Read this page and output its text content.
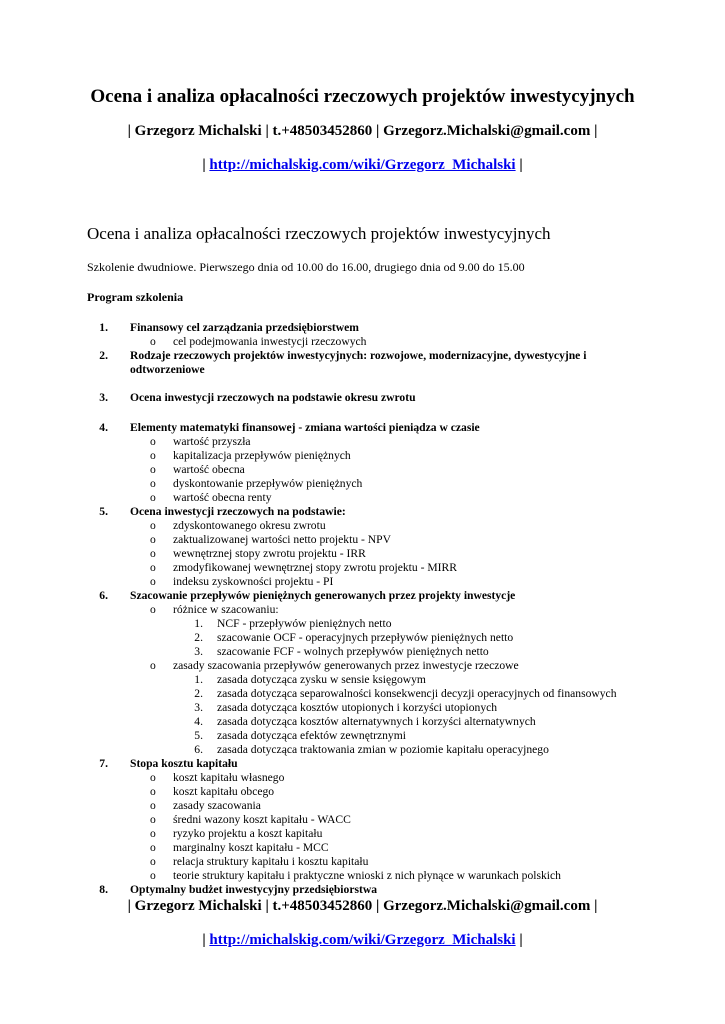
Ocena i analiza opłacalności rzeczowych projektów inwestycyjnych
| Grzegorz Michalski | t.+48503452860 | Grzegorz.Michalski@gmail.com |
| http://michalskig.com/wiki/Grzegorz_Michalski |
Ocena i analiza opłacalności rzeczowych projektów inwestycyjnych
Szkolenie dwudniowe. Pierwszego dnia od 10.00 do 16.00, drugiego dnia od 9.00 do 15.00
Program szkolenia
1. Finansowy cel zarządzania przedsiębiorstwem
o cel podejmowania inwestycji rzeczowych
2. Rodzaje rzeczowych projektów inwestycyjnych: rozwojowe, modernizacyjne, dywestycyjne i
odtworzeniowe
3. Ocena inwestycji rzeczowych na podstawie okresu zwrotu
4. Elementy matematyki finansowej - zmiana wartości pieniądza w czasie
o wartość przyszła
o kapitalizacja przepływów pieniężnych
o wartość obecna
o dyskontowanie przepływów pieniężnych
o wartość obecna renty
5. Ocena inwestycji rzeczowych na podstawie:
o zdyskontowanego okresu zwrotu
o zaktualizowanej wartości netto projektu - NPV
o wewnętrznej stopy zwrotu projektu - IRR
o zmodyfikowanej wewnętrznej stopy zwrotu projektu - MIRR
o indeksu zyskowności projektu - PI
6. Szacowanie przepływów pieniężnych generowanych przez projekty inwestycje
o różnice w szacowaniu:
1. NCF - przepływów pieniężnych netto
2. szacowanie OCF - operacyjnych przepływów pieniężnych netto
3. szacowanie FCF - wolnych przepływów pieniężnych netto
o zasady szacowania przepływów generowanych przez inwestycje rzeczowe
1. zasada dotycząca zysku w sensie księgowym
2. zasada dotycząca separowalności konsekwencji decyzji operacyjnych od finansowych
3. zasada dotycząca kosztów utopionych i korzyści utopionych
4. zasada dotycząca kosztów alternatywnych i korzyści alternatywnych
5. zasada dotycząca efektów zewnętrznymi
6. zasada dotycząca traktowania zmian w poziomie kapitału operacyjnego
7. Stopa kosztu kapitału
o koszt kapitału własnego
o koszt kapitału obcego
o zasady szacowania
o średni wazony koszt kapitału - WACC
o ryzyko projektu a koszt kapitału
o marginalny koszt kapitału - MCC
o relacja struktury kapitału i kosztu kapitału
o teorie struktury kapitału i praktyczne wnioski z nich płynące w warunkach polskich
8. Optymalny budżet inwestycyjny przedsiębiorstwa
| Grzegorz Michalski | t.+48503452860 | Grzegorz.Michalski@gmail.com |
| http://michalskig.com/wiki/Grzegorz_Michalski |
